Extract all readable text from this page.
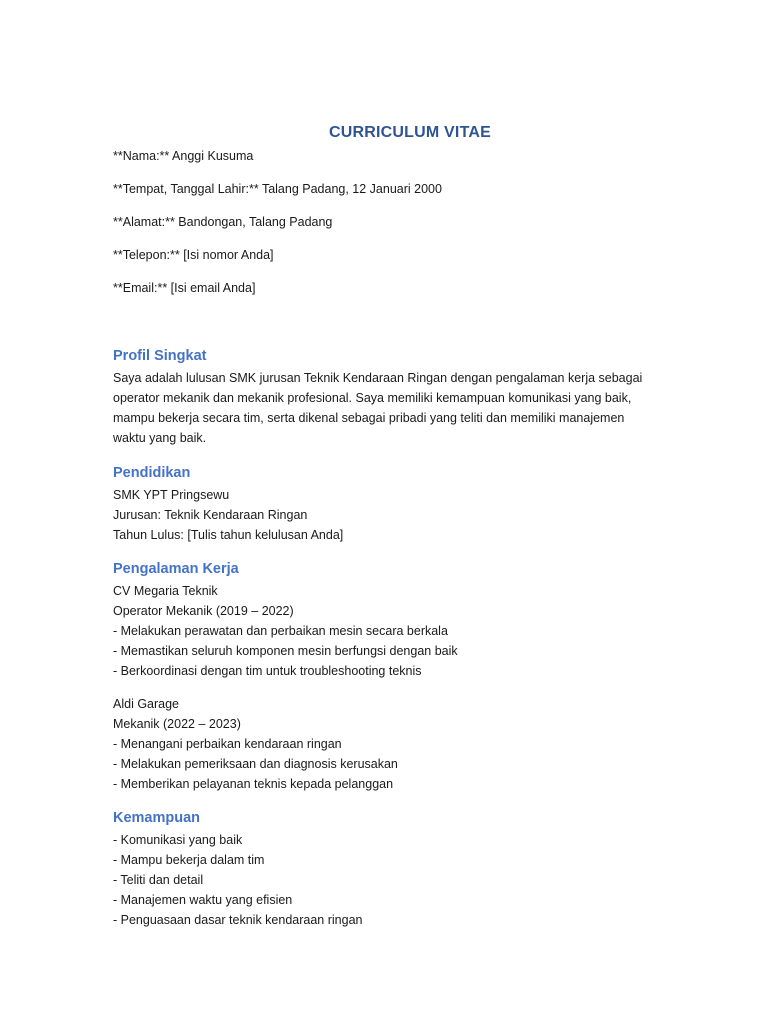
CURRICULUM VITAE
**Nama:** Anggi Kusuma
**Tempat, Tanggal Lahir:** Talang Padang, 12 Januari 2000
**Alamat:** Bandongan, Talang Padang
**Telepon:** [Isi nomor Anda]
**Email:** [Isi email Anda]
Profil Singkat

Saya adalah lulusan SMK jurusan Teknik Kendaraan Ringan dengan pengalaman kerja sebagai operator mekanik dan mekanik profesional. Saya memiliki kemampuan komunikasi yang baik, mampu bekerja secara tim, serta dikenal sebagai pribadi yang teliti dan memiliki manajemen waktu yang baik.

Pendidikan
SMK YPT Pringsewu
Jurusan: Teknik Kendaraan Ringan
Tahun Lulus: [Tulis tahun kelulusan Anda]
Pengalaman Kerja
CV Megaria Teknik
Operator Mekanik (2019 – 2022)
- Melakukan perawatan dan perbaikan mesin secara berkala
- Memastikan seluruh komponen mesin berfungsi dengan baik
- Berkoordinasi dengan tim untuk troubleshooting teknis
Aldi Garage
Mekanik (2022 – 2023)
- Menangani perbaikan kendaraan ringan
- Melakukan pemeriksaan dan diagnosis kerusakan
- Memberikan pelayanan teknis kepada pelanggan
Kemampuan
- Komunikasi yang baik
- Mampu bekerja dalam tim
- Teliti dan detail
- Manajemen waktu yang efisien
- Penguasaan dasar teknik kendaraan ringan
